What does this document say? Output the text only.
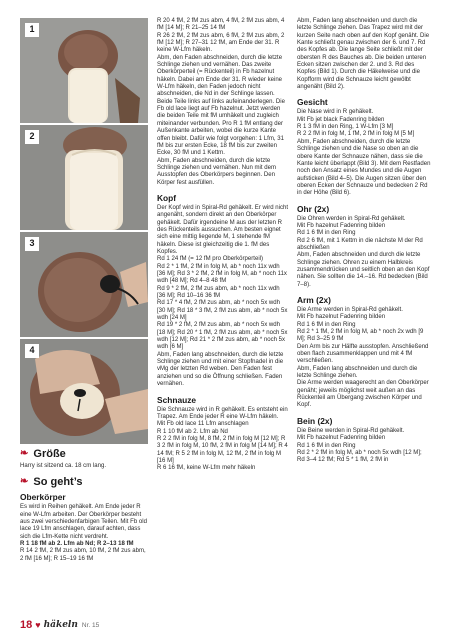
1
2
3
4
❧ Größe

Harry ist sitzend ca. 18 cm lang.

❧ So geht’s
Oberkörper

Es wird in Reihen gehäkelt. Am Ende jeder R eine W-Lfm arbeiten. Der Oberkörper besteht aus zwei verschiedenfarbigen Teilen. Mit Fb old lace 19 Lfm anschlagen, darauf achten, dass sich die Lfm-Kette nicht verdreht.

R 1 18 fM ab 2. Lfm ab Nd; R 2–13 18 fM

R 14 2 fM, 2 fM zus abm, 10 fM, 2 fM zus abm, 2 fM [16 M]; R 15–19 16 fM

R 20 4 fM, 2 fM zus abm, 4 fM, 2 fM zus abm, 4 fM [14 M]; R 21–25 14 fM

R 26 2 fM, 2 fM zus abm, 6 fM, 2 fM zus abm, 2 fM [12 M]; R 27–31 12 fM, am Ende der 31. R keine W-Lfm häkeln.

Abm, den Faden abschneiden, durch die letzte Schlinge ziehen und vernähen. Das zweite Oberkörperteil (= Rückenteil) in Fb hazelnut häkeln. Dabei am Ende der 31. R wieder keine W-Lfm häkeln, den Faden jedoch nicht abschneiden, die Nd in der Schlinge lassen. Beide Teile links auf links aufeinanderlegen. Die Fb old lace liegt auf Fb hazelnut. Jetzt werden die beiden Teile mit fM umhäkelt und zugleich miteinander verbunden. Pro R 1 fM entlang der Außenkante arbeiten, wobei die kurze Kante offen bleibt. Dafür wie folgt vorgehen: 1 Lfm, 31 fM bis zur ersten Ecke, 18 fM bis zur zweiten Ecke, 30 fM und 1 Kettm.

Abm, Faden abschneiden, durch die letzte Schlinge ziehen und vernähen. Nun mit dem Ausstopfen des Oberkörpers beginnen. Den Körper fest ausfüllen.

Kopf

Der Kopf wird in Spiral-Rd gehäkelt. Er wird nicht angenäht, sondern direkt an den Oberkörper gehäkelt. Dafür irgendeine M aus der letzten R des Rückenteils aussuchen. Am besten eignet sich eine mittig liegende M, 1 stehende fM häkeln. Diese ist gleichzeitig die 1. fM des Kopfes.

Rd 1 24 fM (= 12 fM pro Oberkörperteil)

Rd 2 * 1 fM, 2 fM in folg M, ab * noch 11x wdh [36 M]; Rd 3 * 2 fM, 2 fM in folg M, ab * noch 11x wdh [48 M]; Rd 4–8 48 fM

Rd 9 * 2 fM, 2 fM zus abm, ab * noch 11x wdh [36 M]; Rd 10–16 36 fM

Rd 17 * 4 fM, 2 fM zus abm, ab * noch 5x wdh [30 M]; Rd 18 * 3 fM, 2 fM zus abm, ab * noch 5x wdh [24 M]

Rd 19 * 2 fM, 2 fM zus abm, ab * noch 5x wdh [18 M]; Rd 20 * 1 fM, 2 fM zus abm, ab * noch 5x wdh [12 M]; Rd 21 * 2 fM zus abm, ab * noch 5x wdh [6 M]

Abm, Faden lang abschneiden, durch die letzte Schlinge ziehen und mit einer Stopfnadel in die vMg der letzten Rd weben. Den Faden fest anziehen und so die Öffnung schließen. Faden vernähen.

Schnauze

Die Schnauze wird in R gehäkelt. Es entsteht ein Trapez. Am Ende jeder R eine W-Lfm häkeln.

Mit Fb old lace 11 Lfm anschlagen

R 1 10 fM ab 2. Lfm ab Nd

R 2 2 fM in folg M, 8 fM, 2 fM in folg M [12 M]; R 3 2 fM in folg M, 10 fM, 2 fM in folg M [14 M]; R 4 14 fM; R 5 2 fM in folg M, 12 fM, 2 fM in folg M [16 M]

R 6 16 fM, keine W-Lfm mehr häkeln

Abm, Faden lang abschneiden und durch die letzte Schlinge ziehen. Das Trapez wird mit der kurzen Seite nach oben auf den Kopf genäht. Die Kante schließt genau zwischen der 6. und 7. Rd des Kopfes ab. Die lange Seite schließt mit der obersten R des Bauches ab. Die beiden unteren Ecken sitzen zwischen der 2. und 3. Rd des Kopfes (Bild 1). Durch die Häkelweise und die Kopfform wird die Schnauze leicht gewölbt angenäht (Bild 2).

Gesicht

Die Nase wird in R gehäkelt.

Mit Fb jet black Fadenring bilden

R 1 3 fM in den Ring, 1 W-Lfm [3 M]

R 2 2 fM in folg M, 1 fM, 2 fM in folg M [5 M]

Abm, Faden abschneiden, durch die letzte Schlinge ziehen und die Nase so oben an die obere Kante der Schnauze nähen, dass sie die Kante leicht überlappt (Bild 3). Mit dem Restfaden noch den Ansatz eines Mundes und die Augen aufsticken (Bild 4–5). Die Augen sitzen über den oberen Ecken der Schnauze und bedecken 2 Rd in der Höhe (Bild 6).

Ohr (2x)

Die Ohren werden in Spiral-Rd gehäkelt.

Mit Fb hazelnut Fadenring bilden

Rd 1 6 fM in den Ring

Rd 2 6 fM, mit 1 Kettm in die nächste M der Rd abschließen

Abm, Faden abschneiden und durch die letzte Schlinge ziehen. Ohren zu einem Halbkreis zusammendrücken und seitlich oben an den Kopf nähen. Sie sollten die 14.–16. Rd bedecken (Bild 7–8).

Arm (2x)

Die Arme werden in Spiral-Rd gehäkelt.

Mit Fb hazelnut Fadenring bilden

Rd 1 6 fM in den Ring

Rd 2 * 1 fM, 2 fM in folg M, ab * noch 2x wdh [9 M]; Rd 3–25 9 fM

Den Arm bis zur Hälfte ausstopfen. Anschließend oben flach zusammenklappen und mit 4 fM verschließen.

Abm, Faden lang abschneiden und durch die letzte Schlinge ziehen.

Die Arme werden waagerecht an den Oberkörper genäht; jeweils möglichst weit außen an das Rückenteil am Übergang zwischen Körper und Kopf.

Bein (2x)

Die Beine werden in Spiral-Rd gehäkelt.

Mit Fb hazelnut Fadenring bilden

Rd 1 6 fM in den Ring

Rd 2 * 2 fM in folg M, ab * noch 5x wdh [12 M]; Rd 3–4 12 fM; Rd 5 * 1 fM, 2 fM in

18 ♥ häkeln Nr. 15
